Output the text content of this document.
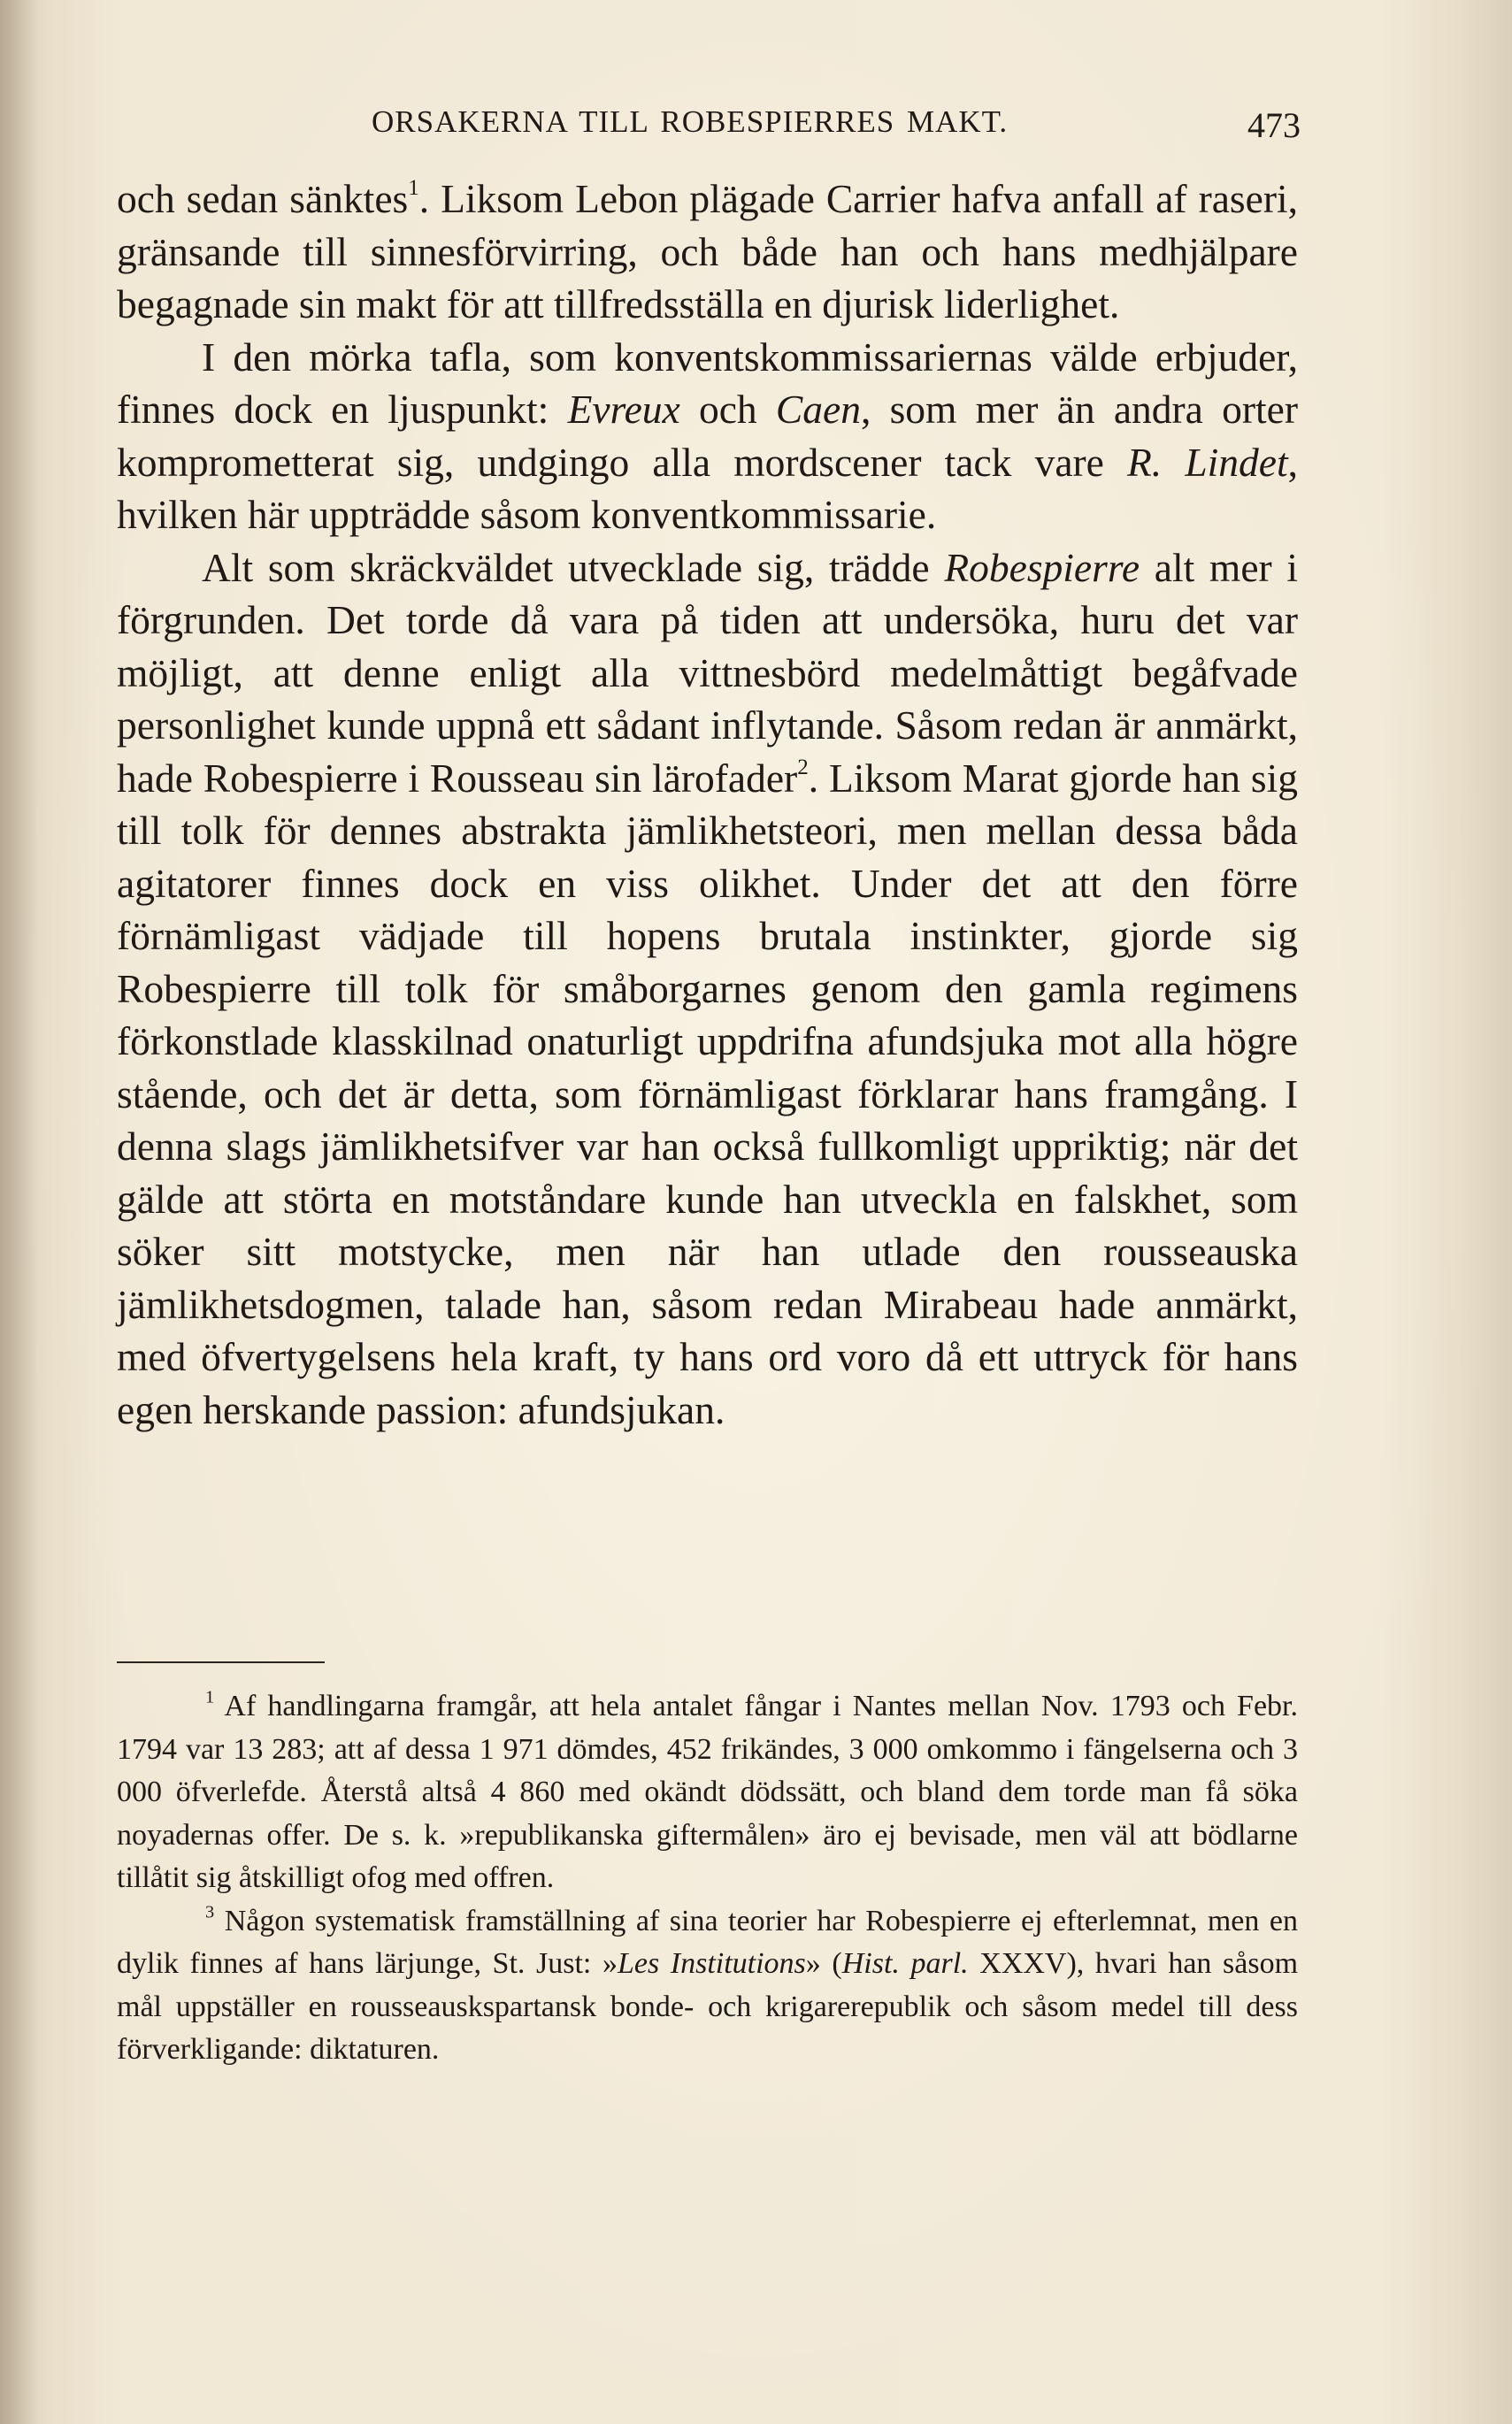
ORSAKERNA TILL ROBESPIERRES MAKT.	473

och sedan sänktes$^1$. Liksom Lebon plägade Carrier hafva anfall af raseri, gränsande till sinnesförvirring, och både han och hans medhjälpare begagnade sin makt för att tillfredsställa en djurisk liderlighet.

I den mörka tafla, som konventskommissariernas välde erbjuder, finnes dock en ljuspunkt: Evreux och Caen, som mer än andra orter komprometterat sig, undgingo alla mordscener tack vare R. Lindet, hvilken här uppträdde såsom konventkommissarie.

Alt som skräckväldet utvecklade sig, trädde Robespierre alt mer i förgrunden. Det torde då vara på tiden att undersöka, huru det var möjligt, att denne enligt alla vittnesbörd medelmåttigt begåfvade personlighet kunde uppnå ett sådant inflytande. Såsom redan är anmärkt, hade Robespierre i Rousseau sin lärofader$^2$. Liksom Marat gjorde han sig till tolk för dennes abstrakta jämlikhetsteori, men mellan dessa båda agitatorer finnes dock en viss olikhet. Under det att den förre förnämligast vädjade till hopens brutala instinkter, gjorde sig Robespierre till tolk för småborgarnes genom den gamla regimens förkonstlade klasskilnad onaturligt uppdrifna afundsjuka mot alla högre stående, och det är detta, som förnämligast förklarar hans framgång. I denna slags jämlikhetsifver var han också fullkomligt uppriktig; när det gälde att störta en motståndare kunde han utveckla en falskhet, som söker sitt motstycke, men när han utlade den rousseauska jämlikhetsdogmen, talade han, såsom redan Mirabeau hade anmärkt, med öfvertygelsens hela kraft, ty hans ord voro då ett uttryck för hans egen herskande passion: afundsjukan.

$^1$ Af handlingarna framgår, att hela antalet fångar i Nantes mellan Nov. 1793 och Febr. 1794 var 13 283; att af dessa 1 971 dömdes, 452 frikändes, 3 000 omkommo i fängelserna och 3 000 öfverlefde. Återstå altså 4 860 med okändt dödssätt, och bland dem torde man få söka noyadernas offer. De s. k. »republikanska giftermålen» äro ej bevisade, men väl att bödlarne tillåtit sig åtskilligt ofog med offren.

$^3$ Någon systematisk framställning af sina teorier har Robespierre ej efterlemnat, men en dylik finnes af hans lärjunge, St. Just: »Les Institutions» (Hist. parl. XXXV), hvari han såsom mål uppställer en rousseauskspartansk bonde- och krigarerepublik och såsom medel till dess förverkligande: diktaturen.
